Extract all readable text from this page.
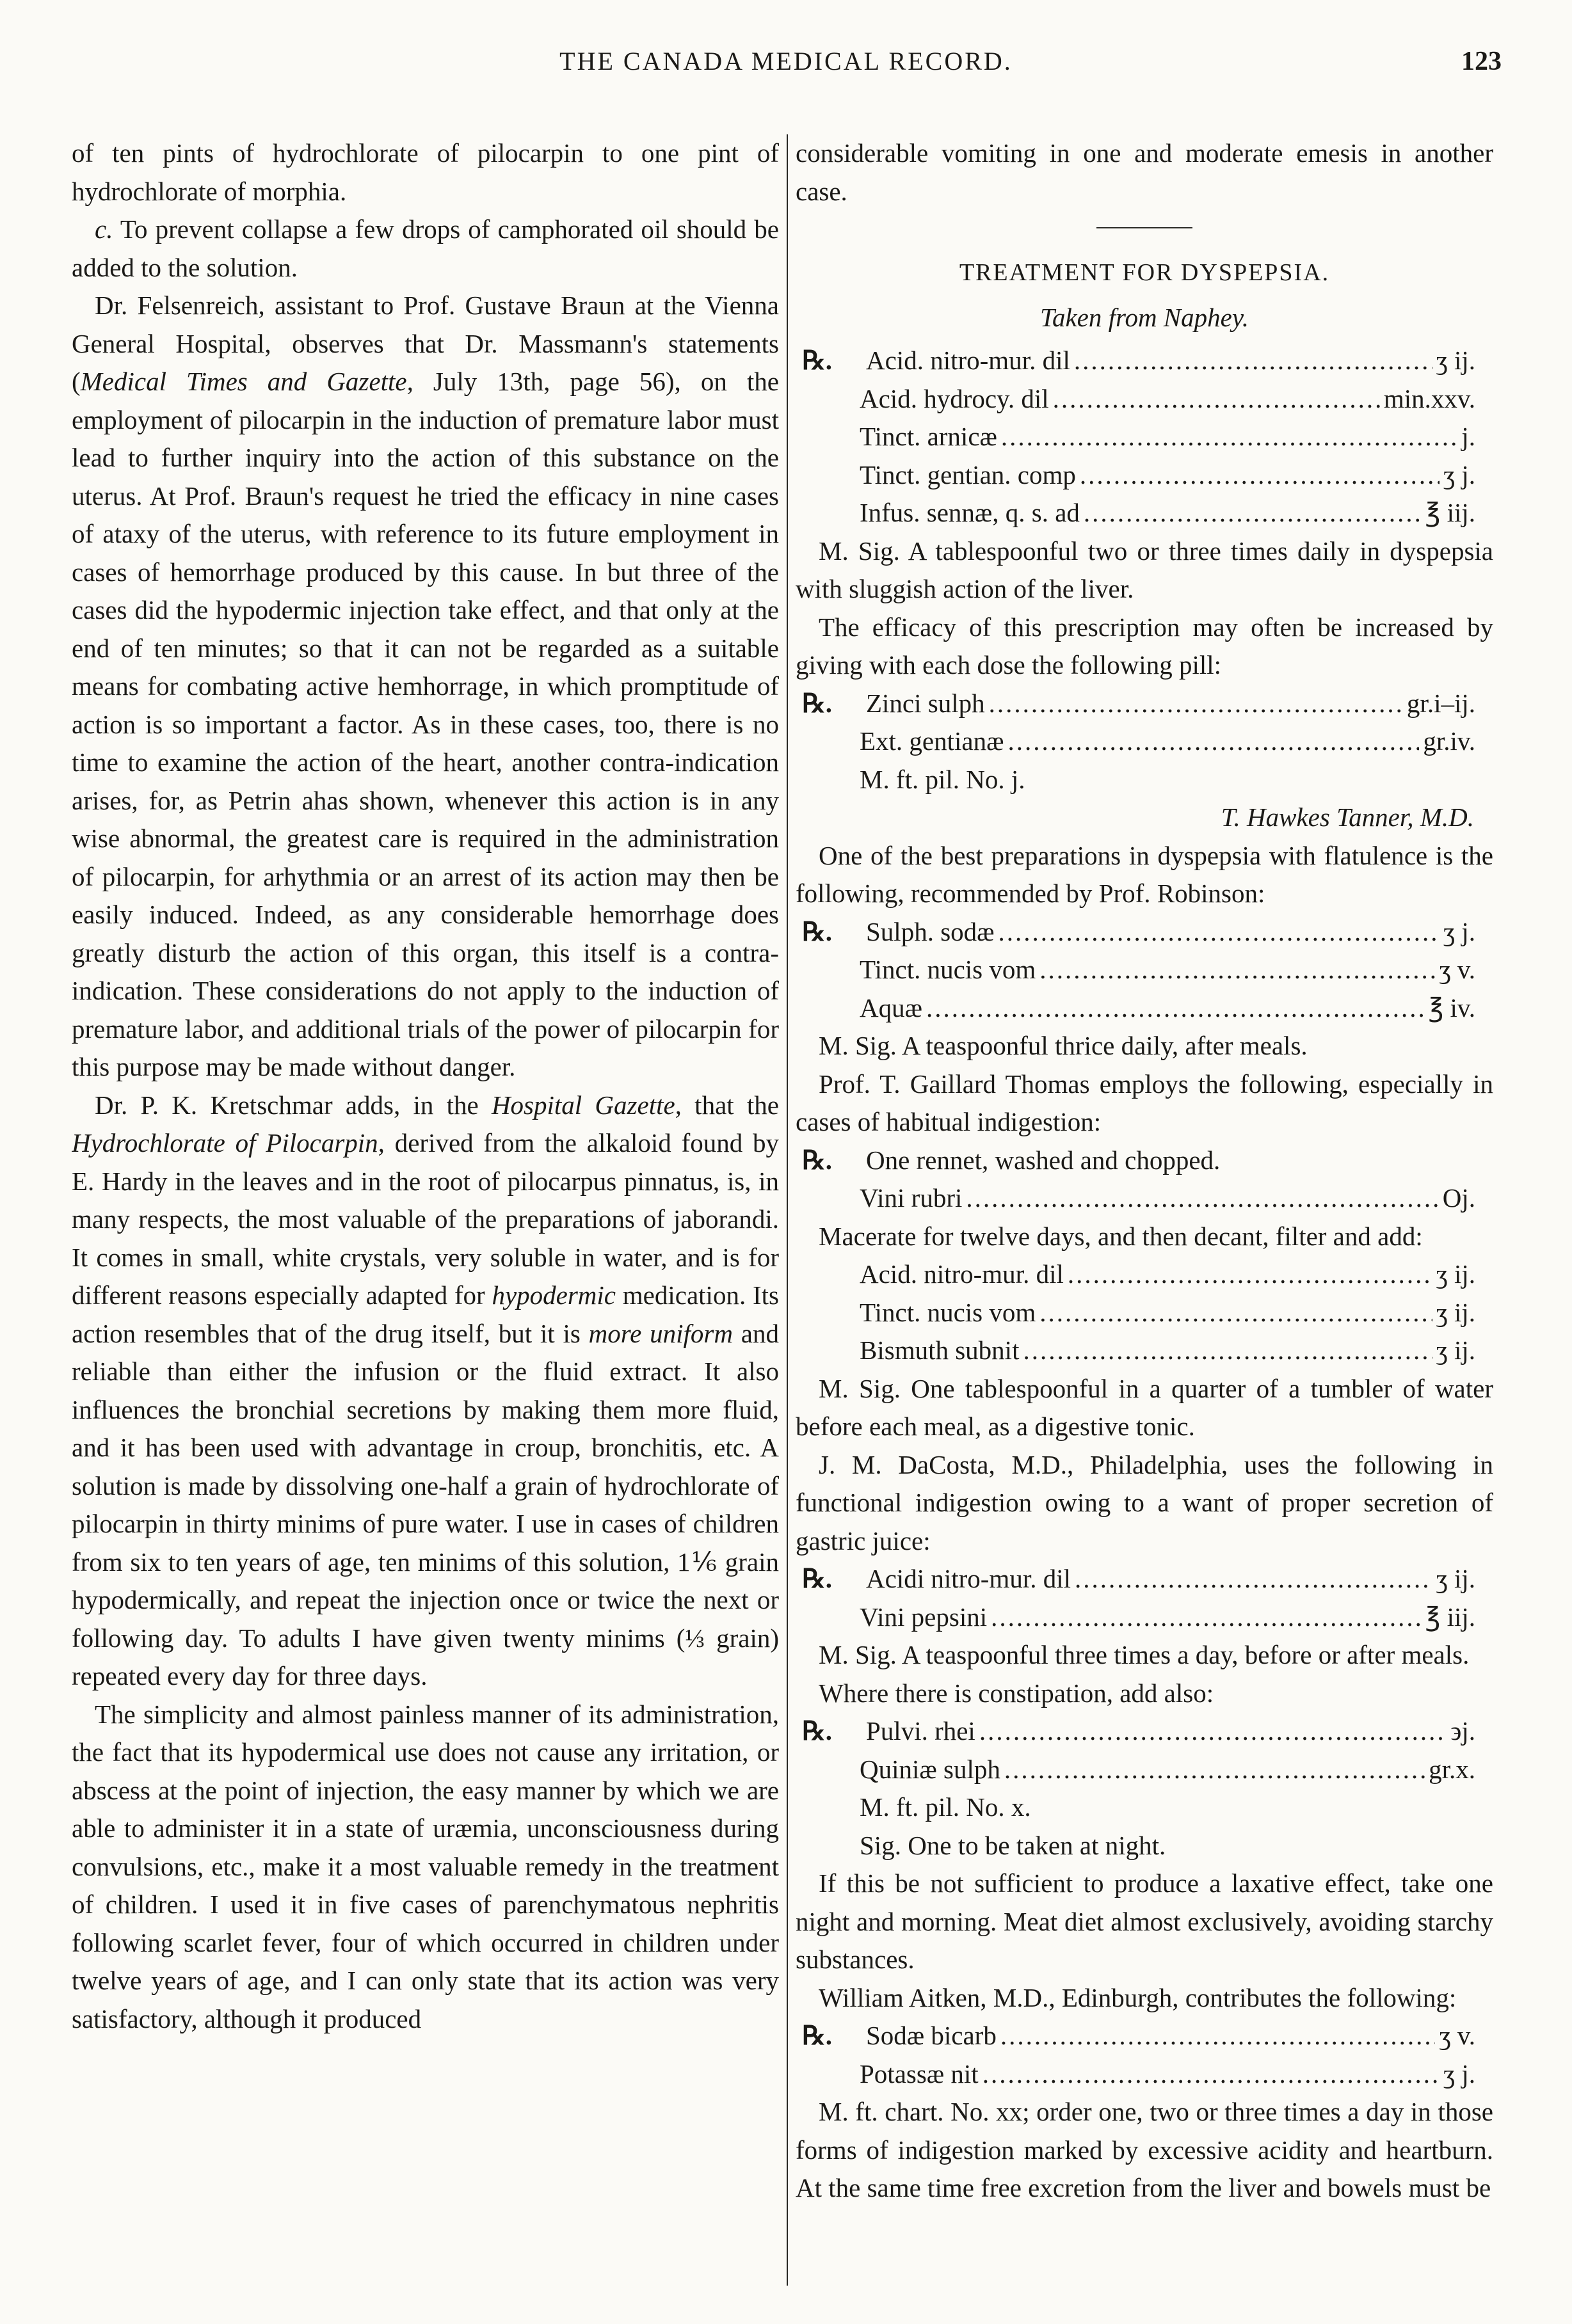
THE CANADA MEDICAL RECORD.	123

of ten pints of hydrochlorate of pilocarpin to one pint of hydrochlorate of morphia.

c. To prevent collapse a few drops of camphorated oil should be added to the solution.

Dr. Felsenreich, assistant to Prof. Gustave Braun at the Vienna General Hospital, observes that Dr. Massmann's statements (Medical Times and Gazette, July 13th, page 56), on the employment of pilocarpin in the induction of premature labor must lead to further inquiry into the action of this substance on the uterus. At Prof. Braun's request he tried the efficacy in nine cases of ataxy of the uterus, with reference to its future employment in cases of hemorrhage produced by this cause. In but three of the cases did the hypodermic injection take effect, and that only at the end of ten minutes; so that it can not be regarded as a suitable means for combating active hemhorrage, in which promptitude of action is so important a factor. As in these cases, too, there is no time to examine the action of the heart, another contra-indication arises, for, as Petrin ahas shown, whenever this action is in any wise abnormal, the greatest care is required in the administration of pilocarpin, for arhythmia or an arrest of its action may then be easily induced. Indeed, as any considerable hemorrhage does greatly disturb the action of this organ, this itself is a contra-indication. These considerations do not apply to the induction of premature labor, and additional trials of the power of pilocarpin for this purpose may be made without danger.

Dr. P. K. Kretschmar adds, in the Hospital Gazette, that the Hydrochlorate of Pilocarpin, derived from the alkaloid found by E. Hardy in the leaves and in the root of pilocarpus pinnatus, is, in many respects, the most valuable of the preparations of jaborandi. It comes in small, white crystals, very soluble in water, and is for different reasons especially adapted for hypodermic medication. Its action resembles that of the drug itself, but it is more uniform and reliable than either the infusion or the fluid extract. It also influences the bronchial secretions by making them more fluid, and it has been used with advantage in croup, bronchitis, etc. A solution is made by dissolving one-half a grain of hydrochlorate of pilocarpin in thirty minims of pure water. I use in cases of children from six to ten years of age, ten minims of this solution, 1⅙ grain hypodermically, and repeat the injection once or twice the next or following day. To adults I have given twenty minims (⅓ grain) repeated every day for three days.

The simplicity and almost painless manner of its administration, the fact that its hypodermical use does not cause any irritation, or abscess at the point of injection, the easy manner by which we are able to administer it in a state of uræmia, unconsciousness during convulsions, etc., make it a most valuable remedy in the treatment of children. I used it in five cases of parenchymatous nephritis following scarlet fever, four of which occurred in children under twelve years of age, and I can only state that its action was very satisfactory, although it produced

considerable vomiting in one and moderate emesis in another case.

TREATMENT FOR DYSPEPSIA.
Taken from Naphey.
℞.	Acid. nitro-mur. dil .....	ʒ ij.
Acid. hydrocy. dil .....	min.xxv.
Tinct. arnicæ .....	j.
Tinct. gentian. comp .....	ʒ j.
Infus. sennæ, q. s. ad .....	℥ iij.

M. Sig. A tablespoonful two or three times daily in dyspepsia with sluggish action of the liver.

The efficacy of this prescription may often be increased by giving with each dose the following pill:

℞.	Zinci sulph .....	gr.i–ij.
Ext. gentianæ .....	gr.iv.
M. ft. pil. No. j.
T. Hawkes Tanner, M.D.

One of the best preparations in dyspepsia with flatulence is the following, recommended by Prof. Robinson:

℞.	Sulph. sodæ .....	ʒ j.
Tinct. nucis vom .....	ʒ v.
Aquæ .....	℥ iv.

M. Sig. A teaspoonful thrice daily, after meals.

Prof. T. Gaillard Thomas employs the following, especially in cases of habitual indigestion:

℞.	One rennet, washed and chopped.
Vini rubri .....	Oj.

Macerate for twelve days, and then decant, filter and add:

Acid. nitro-mur. dil .....	ʒ ij.
Tinct. nucis vom .....	ʒ ij.
Bismuth subnit .....	ʒ ij.

M. Sig. One tablespoonful in a quarter of a tumbler of water before each meal, as a digestive tonic.

J. M. DaCosta, M.D., Philadelphia, uses the following in functional indigestion owing to a want of proper secretion of gastric juice:

℞.	Acidi nitro-mur. dil .....	ʒ ij.
Vini pepsini .....	℥ iij.

M. Sig. A teaspoonful three times a day, before or after meals.

Where there is constipation, add also:

℞.	Pulvi. rhei .....	϶j.
Quiniæ sulph .....	gr.x.
M. ft. pil. No. x.
Sig. One to be taken at night.

If this be not sufficient to produce a laxative effect, take one night and morning. Meat diet almost exclusively, avoiding starchy substances.

William Aitken, M.D., Edinburgh, contributes the following:

℞.	Sodæ bicarb .....	ʒ v.
Potassæ nit .....	ʒ j.

M. ft. chart. No. xx; order one, two or three times a day in those forms of indigestion marked by excessive acidity and heartburn. At the same time free excretion from the liver and bowels must be
